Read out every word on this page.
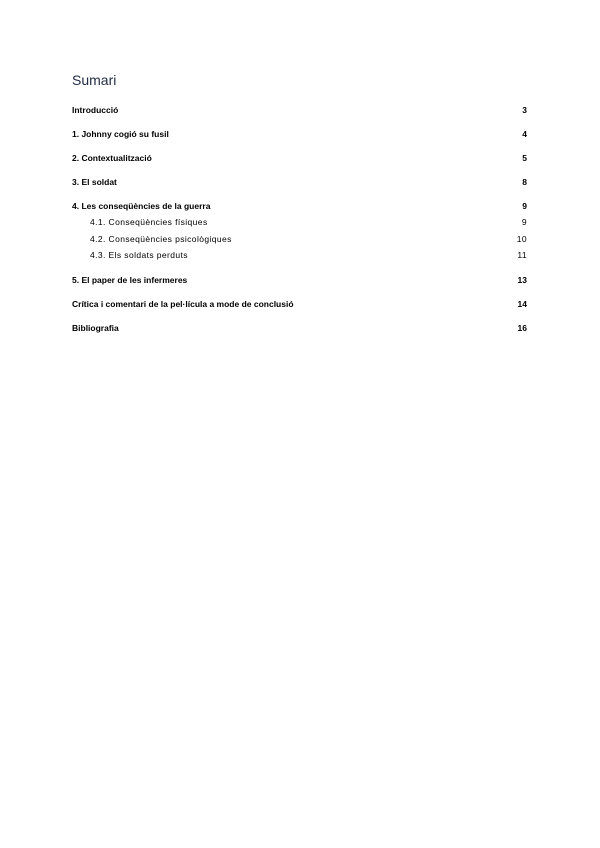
Sumari
Introducció	3
1. Johnny cogió su fusil	4
2. Contextualització	5
3. El soldat	8
4. Les conseqüències de la guerra	9
4.1. Conseqüències físiques	9
4.2. Conseqüències psicològiques	10
4.3. Els soldats perduts	11
5. El paper de les infermeres	13
Crítica i comentari de la pel·lícula a mode de conclusió	14
Bibliografia	16
